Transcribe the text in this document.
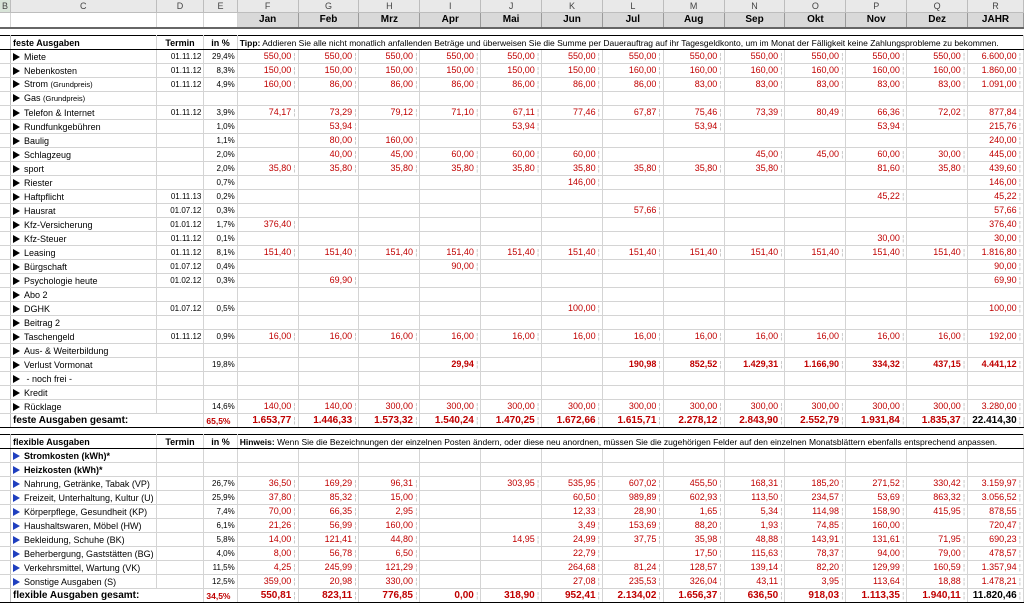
B	C	D	E	F	G	H	I	J	K	L	M	N	O	P	Q	R
				Jan	Feb	Mrz	Apr	Mai	Jun	Jul	Aug	Sep	Okt	Nov	Dez	JAHR

	feste Ausgaben	Termin	in %	Tipp: Addieren Sie alle nicht monatlich anfallenden Beträge und überweisen Sie die Summe per Dauerauftrag auf ihr Tagesgeldkonto, um im Monat der Fälligkeit keine Zahlungsprobleme zu bekommen.												
	Miete	01.11.12	29,4%	550,00 ¦	550,00 ¦	550,00 ¦	550,00 ¦	550,00 ¦	550,00 ¦	550,00 ¦	550,00 ¦	550,00 ¦	550,00 ¦	550,00 ¦	550,00 ¦	6.600,00 ¦
	Nebenkosten	01.11.12	8,3%	150,00 ¦	150,00 ¦	150,00 ¦	150,00 ¦	150,00 ¦	150,00 ¦	160,00 ¦	160,00 ¦	160,00 ¦	160,00 ¦	160,00 ¦	160,00 ¦	1.860,00 ¦
	Strom (Grundpreis)	01.11.12	4,9%	160,00 ¦	86,00 ¦	86,00 ¦	86,00 ¦	86,00 ¦	86,00 ¦	86,00 ¦	83,00 ¦	83,00 ¦	83,00 ¦	83,00 ¦	83,00 ¦	1.091,00 ¦
	Gas (Grundpreis)															
	Telefon & Internet	01.11.12	3,9%	74,17 ¦	73,29 ¦	79,12 ¦	71,10 ¦	67,11 ¦	77,46 ¦	67,87 ¦	75,46 ¦	73,39 ¦	80,49 ¦	66,36 ¦	72,02 ¦	877,84 ¦
	Rundfunkgebühren		1,0%		53,94 ¦			53,94 ¦			53,94 ¦			53,94 ¦		215,76 ¦
	Baulig		1,1%		80,00 ¦	160,00 ¦										240,00 ¦
	Schlagzeug		2,0%		40,00 ¦	45,00 ¦	60,00 ¦	60,00 ¦	60,00 ¦			45,00 ¦	45,00 ¦	60,00 ¦	30,00 ¦	445,00 ¦
	sport		2,0%	35,80 ¦	35,80 ¦	35,80 ¦	35,80 ¦	35,80 ¦	35,80 ¦	35,80 ¦	35,80 ¦	35,80 ¦		81,60 ¦	35,80 ¦	439,60 ¦
	Riester		0,7%						146,00 ¦							146,00 ¦
	Haftpflicht	01.11.13	0,2%											45,22 ¦		45,22 ¦
	Hausrat	01.07.12	0,3%							57,66 ¦						57,66 ¦
	Kfz-Versicherung	01.01.12	1,7%	376,40 ¦												376,40 ¦
	Kfz-Steuer	01.11.12	0,1%											30,00 ¦		30,00 ¦
	Leasing	01.11.12	8,1%	151,40 ¦	151,40 ¦	151,40 ¦	151,40 ¦	151,40 ¦	151,40 ¦	151,40 ¦	151,40 ¦	151,40 ¦	151,40 ¦	151,40 ¦	151,40 ¦	1.816,80 ¦
	Bürgschaft	01.07.12	0,4%				90,00 ¦									90,00 ¦
	Psychologie heute	01.02.12	0,3%		69,90 ¦											69,90 ¦
	Abo 2															
	DGHK	01.07.12	0,5%						100,00 ¦							100,00 ¦
	Beitrag 2															
	Taschengeld	01.11.12	0,9%	16,00 ¦	16,00 ¦	16,00 ¦	16,00 ¦	16,00 ¦	16,00 ¦	16,00 ¦	16,00 ¦	16,00 ¦	16,00 ¦	16,00 ¦	16,00 ¦	192,00 ¦
	Aus- & Weiterbildung															
	Verlust Vormonat		19,8%				29,94 ¦			190,98 ¦	852,52 ¦	1.429,31 ¦	1.166,90 ¦	334,32 ¦	437,15 ¦	4.441,12 ¦
	- noch frei -															
	Kredit															
	Rücklage		14,6%	140,00 ¦	140,00 ¦	300,00 ¦	300,00 ¦	300,00 ¦	300,00 ¦	300,00 ¦	300,00 ¦	300,00 ¦	300,00 ¦	300,00 ¦	300,00 ¦	3.280,00 ¦
	feste Ausgaben gesamt:		65,5%	1.653,77 ¦	1.446,33 ¦	1.573,32 ¦	1.540,24 ¦	1.470,25 ¦	1.672,66 ¦	1.615,71 ¦	2.278,12 ¦	2.843,90 ¦	2.552,79 ¦	1.931,84 ¦	1.835,37 ¦	22.414,30 ¦

	flexible Ausgaben	Termin	in %	Hinweis: Wenn Sie die Bezeichnungen der einzelnen Posten ändern, oder diese neu anordnen, müssen Sie die zugehörigen Felder auf den einzelnen Monatsblättern ebenfalls entsprechend anpassen.												
	Stromkosten (kWh)*															
	Heizkosten (kWh)*															
	Nahrung, Getränke, Tabak (VP)		26,7%	36,50 ¦	169,29 ¦	96,31 ¦		303,95 ¦	535,95 ¦	607,02 ¦	455,50 ¦	168,31 ¦	185,20 ¦	271,52 ¦	330,42 ¦	3.159,97 ¦
	Freizeit, Unterhaltung, Kultur (U)		25,9%	37,80 ¦	85,32 ¦	15,00 ¦			60,50 ¦	989,89 ¦	602,93 ¦	113,50 ¦	234,57 ¦	53,69 ¦	863,32 ¦	3.056,52 ¦
	Körperpflege, Gesundheit (KP)		7,4%	70,00 ¦	66,35 ¦	2,95 ¦			12,33 ¦	28,90 ¦	1,65 ¦	5,34 ¦	114,98 ¦	158,90 ¦	415,95 ¦	878,55 ¦
	Haushaltswaren, Möbel (HW)		6,1%	21,26 ¦	56,99 ¦	160,00 ¦			3,49 ¦	153,69 ¦	88,20 ¦	1,93 ¦	74,85 ¦	160,00 ¦		720,47 ¦
	Bekleidung, Schuhe (BK)		5,8%	14,00 ¦	121,41 ¦	44,80 ¦		14,95 ¦	24,99 ¦	37,75 ¦	35,98 ¦	48,88 ¦	143,91 ¦	131,61 ¦	71,95 ¦	690,23 ¦
	Beherbergung, Gaststätten (BG)		4,0%	8,00 ¦	56,78 ¦	6,50 ¦			22,79 ¦		17,50 ¦	115,63 ¦	78,37 ¦	94,00 ¦	79,00 ¦	478,57 ¦
	Verkehrsmittel, Wartung (VK)		11,5%	4,25 ¦	245,99 ¦	121,29 ¦			264,68 ¦	81,24 ¦	128,57 ¦	139,14 ¦	82,20 ¦	129,99 ¦	160,59 ¦	1.357,94 ¦
	Sonstige Ausgaben (S)		12,5%	359,00 ¦	20,98 ¦	330,00 ¦			27,08 ¦	235,53 ¦	326,04 ¦	43,11 ¦	3,95 ¦	113,64 ¦	18,88 ¦	1.478,21 ¦
	flexible Ausgaben gesamt:		34,5%	550,81 ¦	823,11 ¦	776,85 ¦	0,00 ¦	318,90 ¦	952,41 ¦	2.134,02 ¦	1.656,37 ¦	636,50 ¦	918,03 ¦	1.113,35 ¦	1.940,11 ¦	11.820,46 ¦
